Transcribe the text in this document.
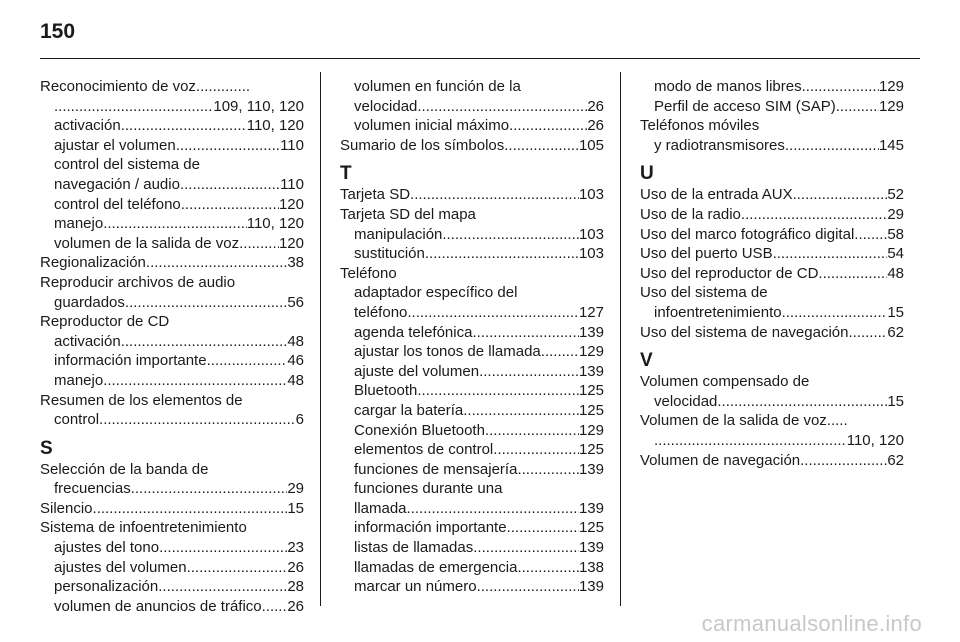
150
Reconocimiento de voz.............
.....
109, 110, 120
activación .....	110, 120
ajustar el volumen .....	110
control del sistema de
navegación / audio .....	110
control del teléfono .....	120
manejo .....	110, 120
volumen de la salida de voz .....	120
Regionalización .....	38
Reproducir archivos de audio
guardados .....	56
Reproductor de CD
activación .....	48
información importante .....	46
manejo .....	48
Resumen de los elementos de
control .....	6
S
Selección de la banda de
frecuencias .....	29
Silencio .....	15
Sistema de infoentretenimiento
ajustes del tono .....	23
ajustes del volumen .....	26
personalización .....	28
volumen de anuncios de tráfico ..... 26
volumen en función de la
velocidad .....	26
volumen inicial máximo .....	26
Sumario de los símbolos .....	105
T
Tarjeta SD .....	103
Tarjeta SD del mapa
manipulación .....	103
sustitución .....	103
Teléfono
adaptador específico del
teléfono .....	127
agenda telefónica .....	139
ajustar los tonos de llamada .....	129
ajuste del volumen .....	139
Bluetooth .....	125
cargar la batería .....	125
Conexión Bluetooth .....	129
elementos de control .....	125
funciones de mensajería .....	139
funciones durante una
llamada .....	139
información importante .....	125
listas de llamadas .....	139
llamadas de emergencia .....	138
marcar un número .....	139
modo de manos libres .....	129
Perfil de acceso SIM (SAP) .....	129
Teléfonos móviles
y radiotransmisores .....	145
U
Uso de la entrada AUX .....	52
Uso de la radio .....	29
Uso del marco fotográfico digital ..... 58
Uso del puerto USB .....	54
Uso del reproductor de CD .....	48
Uso del sistema de
infoentretenimiento .....	15
Uso del sistema de navegación .....	62
V
Volumen compensado de
velocidad .....	15
Volumen de la salida de voz.....
.....
110, 120
Volumen de navegación .....	62
carmanualsonline.info
